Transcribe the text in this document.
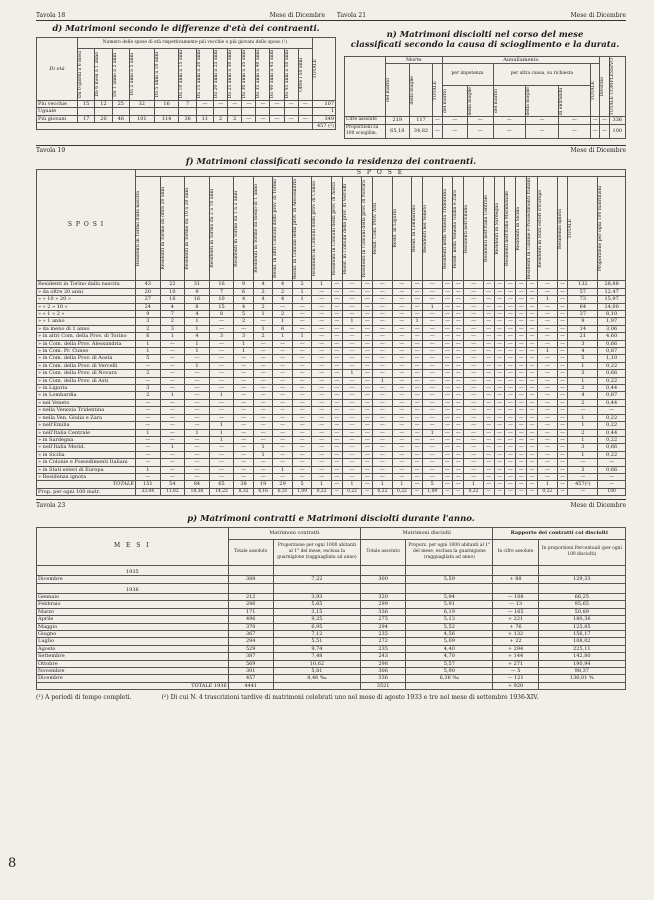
Tavola 18	Mese di Dicembre Tavola 21	Mese di Dicembre
d) Matrimoni secondo le differenze d'età dei contraenti.
Di età	Numero delle spose di età rispettivamente più vecchie o più giovani dello sposo (¹)														TOTALE

	Da 0 giorni a 6 mesi	Da 6 mesi a 1 anno	Da 1 anno a 2 anni	Da 2 anni a 5 anni	Da 5 anni a 10 anni	Da 10 anni a 15 anni	Da 15 anni a 20 anni	Da 20 anni a 25 anni	Da 25 anni a 30 anni	Da 30 anni a 35 anni	Da 35 anni a 40 anni	Da 40 anni a 45 anni	Da 45 anni a 50 anni	Oltre i 50 anni	

Più vecchie	15	12	25	32	16	7	—	—	—	—	—	—	—	—	107
Uguale															1
Più giovani	17	20	46	101	114	36	11	2	2	—	—	—	—	—	349
															457 (²)
n) Matrimoni disciolti nel corso del mese
classificati secondo la causa di scioglimento e la durata.
	Morte			Annullamento						Divorzio	TOTALE COMPLESSIVO

	del marito	della moglie	TOTALE	per impotenza		per altra causa, su richiesta			TOTALE		

				del marito	della moglie	del marito	della moglie	di entrambi			

Cifre assolute	219	117	—	—	—	—	—	—	—	—	336
Proporzioni su 100 sciogliim.	65,18	34,82	—	—	—	—	—	—	—	—	100
Tavola 19	Mese di Dicembre
f) Matrimoni classificati secondo la residenza dei contraenti.
S P O S I	S P O S E																											

	Residenti in Torino dalla nascita	Residenti in Torino da oltre 20 anni	Residenti in Torino da 10 a 20 anni	Residenti in Torino da 2 a 10 anni	Residenti in Torino da 1 a 2 anni	Residenti in Torino da meno di 1 anno	Resid. in altri Comuni della prov. di Torino	Resid. in Comuni della prov. di Alessandria	Residenti in Comuni della prov. di Cuneo	Residenti in Comuni della prov. di Aosta	Resid. in Comuni della prov. di Vercelli	Residenti in Comuni della prov. di Novara	Resid. Com. Prov. Asti	Resid. in Liguria	Resid. in Lombardia	Residenti nel Veneto	Residenti nella Venezia Tridentina	Resid. nella Venezia Giulia e Zara	Residenti nell'Emilia	Residenti nell'Italia Centrale	Residenti in Sardegna	Residenti nell'Italia Meridionale	Residenti in Sicilia	Residenti in Colonie e Possedimenti Italiani	Residenti in Stati esteri d'Europa	Residenza ignota	TOTALE	Proporzione per ogni 100 matrimoni

Residenti in Torino dalla nascita	43	22	31	16	9	4	4	2	1	—	—	—	—	—	—	—	—	—	—	—	—	—	—	—	—	—	132	28,88
» da oltre 20 anni	20	10	9	7	6	2	2	1	—	—	—	—	—	—	—	—	—	—	—	—	—	—	—	—	—	—	57	12,47
» » 10 » 20 »	27	16	16	10	4	4	4	1	—	—	—	—	—	—	—	—	—	—	—	—	—	—	—	—	1	—	73	15,97
» » 2 » 10 »	24	4	8	15	4	2	—	—	—	—	—	—	—	—	—	1	—	—	—	—	—	—	—	—	—	—	64	14,00
» » 1 » 2 »	9	7	4	8	5	1	2	—	—	—	—	—	—	—	—	—	—	—	—	—	—	—	—	—	—	—	37	8,10
» » 1 anno	3	2	1	—	2	—	1	—	—	—	1	—	—	—	1	—	—	—	—	—	—	—	—	—	—	—	9	1,97
» da meno di 1 anno	2	3	1	—	—	1	6	—	—	—	—	—	—	—	—	—	—	—	—	—	—	—	—	—	—	—	14	3,06
» in altri Com. della Prov. di Torino	6	1	4	3	3	2	1	1	—	—	—	—	—	—	—	—	—	—	—	—	—	—	—	—	—	—	21	4,60
» in Com. della Prov. Alessandria	1	—	1	—	1	—	—	—	—	—	—	—	—	—	—	—	—	—	—	—	—	—	—	—	—	—	3	0,66
» in Com. Pr. Cuneo	1	—	1	—	1	—	—	—	—	—	—	—	—	—	—	—	—	—	—	—	—	—	—	—	1	—	4	0,87
» in Com. della Prov. di Aosta	5	—	—	—	—	—	—	—	—	—	—	—	—	—	—	—	—	—	—	—	—	—	—	—	—	—	5	1,10
» in Com. della Prov. di Vercelli	—	—	1	—	—	—	—	—	—	—	—	—	—	—	—	—	—	—	—	—	—	—	—	—	—	—	1	0,22
» in Com. della Prov. di Novara	2	—	—	—	—	—	—	—	—	—	1	—	—	—	—	—	—	—	—	—	—	—	—	—	—	—	3	0,66
» in Com. della Prov. di Asti	—	—	—	—	—	—	—	—	—	—	—	—	1	—	—	—	—	—	—	—	—	—	—	—	—	—	1	0,22
» in Liguria	3	—	—	—	—	—	—	—	—	—	—	—	—	—	—	—	—	—	—	—	—	—	—	—	—	—	2	0,44
» in Lombardia	2	1	—	1	—	—	—	—	—	—	—	—	—	—	—	—	—	—	—	—	—	—	—	—	—	—	4	0,87
» nel Veneto	—	—	—	—	—	—	—	—	—	—	—	—	—	—	—	—	—	—	—	—	—	—	—	—	—	—	2	0,44
» nella Venezia Tridentina	—	—	—	—	—	—	—	—	—	—	—	—	—	—	—	—	—	—	—	—	—	—	—	—	—	—	—	—
» nella Ven. Giulia e Zara	—	—	—	—	—	—	—	—	—	—	—	—	—	—	—	—	—	—	—	—	—	—	—	—	—	—	1	0,22
» nell'Emilia	—	—	—	1	—	—	—	—	—	—	—	—	—	—	—	—	—	—	—	—	—	—	—	—	—	—	1	0,22
» nell'Italia Centrale	1	—	1	1	—	—	—	—	—	—	—	—	—	—	—	1	—	—	—	—	—	—	—	—	—	—	2	0,44
» in Sardegna	—	—	—	1	—	—	—	—	—	—	—	—	—	—	—	—	—	—	—	—	—	—	—	—	—	—	1	0,22
» nell'Italia Merid.	—	1	—	—	—	1	—	—	—	—	—	—	—	—	—	—	—	—	—	—	—	—	—	—	—	—	3	0,66
» in Sicilia	—	—	—	—	—	1	—	—	—	—	—	—	—	—	—	—	—	—	—	—	—	—	—	—	—	—	1	0,22
» in Colonie e Possedimenti Italiani	—	—	—	—	—	—	—	—	—	—	—	—	—	—	—	—	—	—	—	—	—	—	—	—	—	—	—	—
» in Stati esteri di Europa	1	—	—	—	—	—	1	—	—	—	—	—	—	—	—	—	—	—	—	—	—	—	—	—	—	—	3	0,66
» Residenza ignota	—	—	—	—	—	—	—	—	—	—	—	—	—	—	—	—	—	—	—	—	—	—	—	—	—	—	—	—
TOTALE	151	54	84	65	38	19	29	5	1	—	1	—	1	1	—	5	—	—	1	—	—	—	—	—	1	—	457(²)	—
Prop. per ogni 100 matr.	33,04	11,82	18,38	14,22	8,32	4,16	6,31	1,09	0,22	—	0,22	—	0,22	0,22	—	1,09	—	—	0,22	—	—	—	—	—	0,22	—	—	100
Tavola 23	Mese di Dicembre
p) Matrimoni contratti e Matrimoni disciolti durante l'anno.
M E S I	Matrimoni contratti		Matrimoni disciolti		Rapporto dei contratti coi disciolti	
	Totale assoluto	Proporzione per ogni 1000 abitanti al 1° del mese, esclusa la guarnigione (ragguagliata ad anno)	Totale assoluto	Proporz. per ogni 1000 abitanti al 1° del mese, esclusa la guarnigione (ragguagliata ad anno)	In cifre assolute	In proporzioni Percentuali (per ogni 100 disciolti)
1935						
Dicembre	388	7,22	300	5,59	+ 88	129,33
1936						
Gennaio	212	3,93	320	5,94	— 108	66,25
Febbraio	286	5,65	299	5,91	— 13	95,65
Marzo	171	3,15	336	6,19	— 165	50,89
Aprile	496	9,25	275	5,13	+ 221	180,36
Maggio	370	6,95	294	5,52	+ 76	125,85
Giugno	367	7,12	235	4,56	+ 132	156,17
Luglio	294	5,51	272	5,09	+ 22	108,02
Agosto	529	9,74	235	4,40	+ 294	225,11
Settembre	387	7,48	243	4,70	+ 144	142,80
Ottobre	569	10,62	298	5,57	+ 271	190,94
Novembre	301	5,81	306	5,90	— 5	98,37
Dicembre	457	8,46 ‰	336	6,36 ‰	— 121	136,01 %
TOTALE 1936	4441		3521		+ 920	
(¹) A periodi di tempo completi.	(²) Di cui N. 4 trascrizioni tardive di matrimoni celebrati uno nel mese di agosto 1933 e tre nel mese di settembre 1936-XIV.
8
